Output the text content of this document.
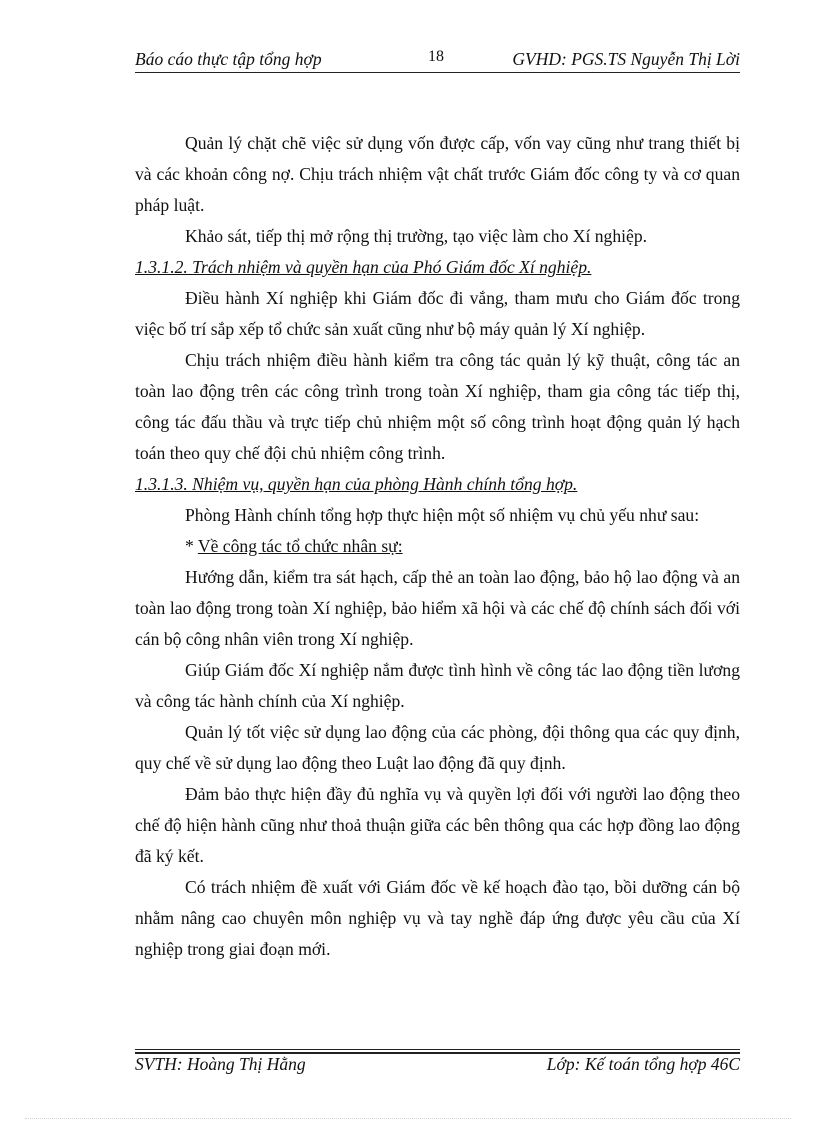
Báo cáo thực tập tổng hợp	18	GVHD: PGS.TS Nguyễn Thị Lời

Quản lý chặt chẽ việc sử dụng vốn được cấp, vốn vay cũng như trang thiết bị và các khoản công nợ. Chịu trách nhiệm vật chất trước Giám đốc công ty và cơ quan pháp luật.

Khảo sát, tiếp thị mở rộng thị trường, tạo việc làm cho Xí nghiệp.

1.3.1.2. Trách nhiệm và quyền hạn của Phó Giám đốc Xí nghiệp.

Điều hành Xí nghiệp khi Giám đốc đi vắng, tham mưu cho Giám đốc trong việc bố trí sắp xếp tổ chức sản xuất cũng như bộ máy quản lý Xí nghiệp.

Chịu trách nhiệm điều hành kiểm tra công tác quản lý kỹ thuật, công tác an toàn lao động trên các công trình trong toàn Xí nghiệp, tham gia công tác tiếp thị, công tác đấu thầu và trực tiếp chủ nhiệm một số công trình hoạt động quản lý hạch toán theo quy chế đội chủ nhiệm công trình.

1.3.1.3. Nhiệm vụ, quyền hạn của phòng Hành chính tổng hợp.

Phòng Hành chính tổng hợp thực hiện một số nhiệm vụ chủ yếu như sau:

* Về công tác tổ chức nhân sự:

Hướng dẫn, kiểm tra sát hạch, cấp thẻ an toàn lao động, bảo hộ lao động và an toàn lao động trong toàn Xí nghiệp, bảo hiểm xã hội và các chế độ chính sách đối với cán bộ công nhân viên trong Xí nghiệp.

Giúp Giám đốc Xí nghiệp nắm được tình hình về công tác lao động tiền lương và công tác hành chính của Xí nghiệp.

Quản lý tốt việc sử dụng lao động của các phòng, đội thông qua các quy định, quy chế về sử dụng lao động theo Luật lao động đã quy định.

Đảm bảo thực hiện đầy đủ nghĩa vụ và quyền lợi đối với người lao động theo chế độ hiện hành cũng như thoả thuận giữa các bên thông qua các hợp đồng lao động đã ký kết.

Có trách nhiệm đề xuất với Giám đốc về kế hoạch đào tạo, bồi dưỡng cán bộ nhằm nâng cao chuyên môn nghiệp vụ và tay nghề đáp ứng được yêu cầu của Xí nghiệp trong giai đoạn mới.

SVTH: Hoàng Thị Hằng	Lớp: Kế toán tổng hợp 46C
